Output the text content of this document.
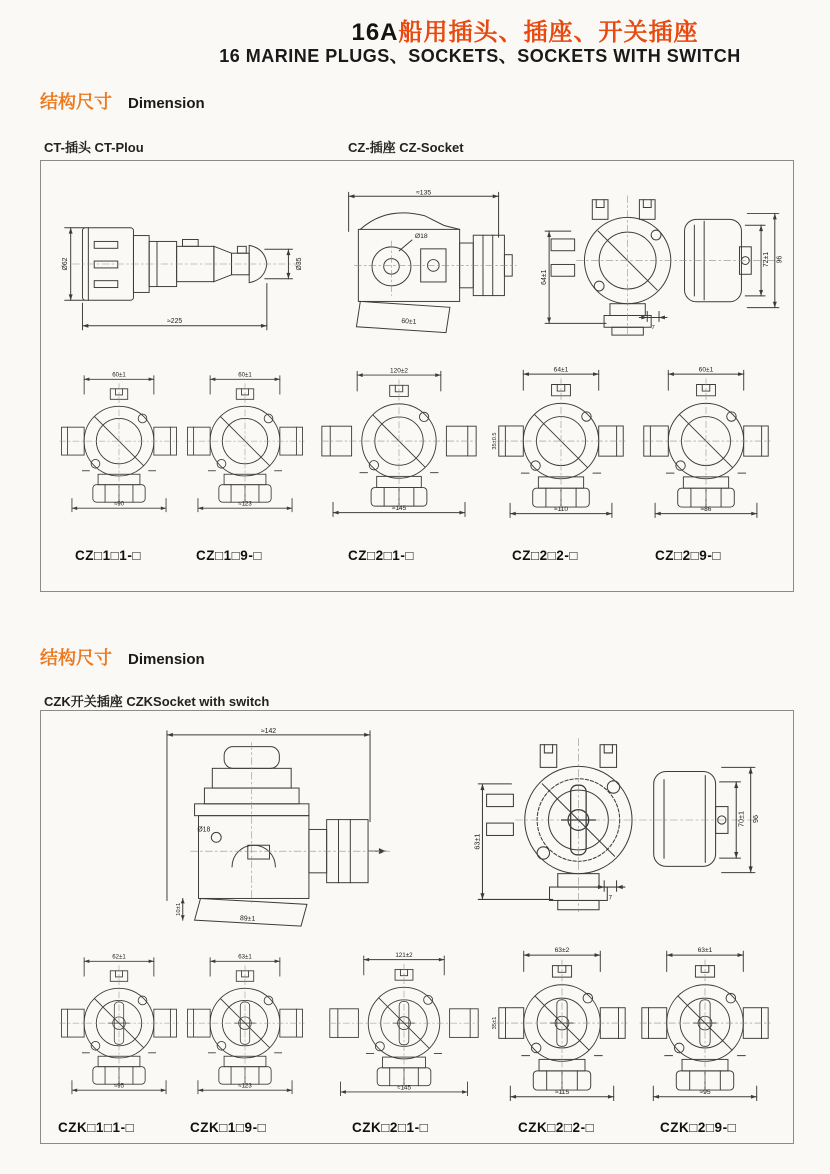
16A船用插头、插座、开关插座
16 MARINE PLUGS、SOCKETS、SOCKETS WITH SWITCH
结构尺寸 Dimension
CT-插头 CT-Plou	CZ-插座 CZ-Socket
Ø62
≈225
Ø35
≈135
Ø18
60±1
64±1
72±1 96
7
60±1
≈90
60±1
≈123
120±2
≈145
64±1
≈110
35±0.5
60±1
≈86
CZ□1□1-□	CZ□1□9-□	CZ□2□1-□	CZ□2□2-□	CZ□2□9-□
结构尺寸 Dimension
CZK开关插座 CZKSocket with switch
≈142
Ø18
89±1
10±1
63±1
70±1 96
7
62±1
≈95
63±1
≈123
121±2
≈145
63±2
≈115
35±1
63±1
≈95
CZK□1□1-□	CZK□1□9-□	CZK□2□1-□	CZK□2□2-□	CZK□2□9-□
